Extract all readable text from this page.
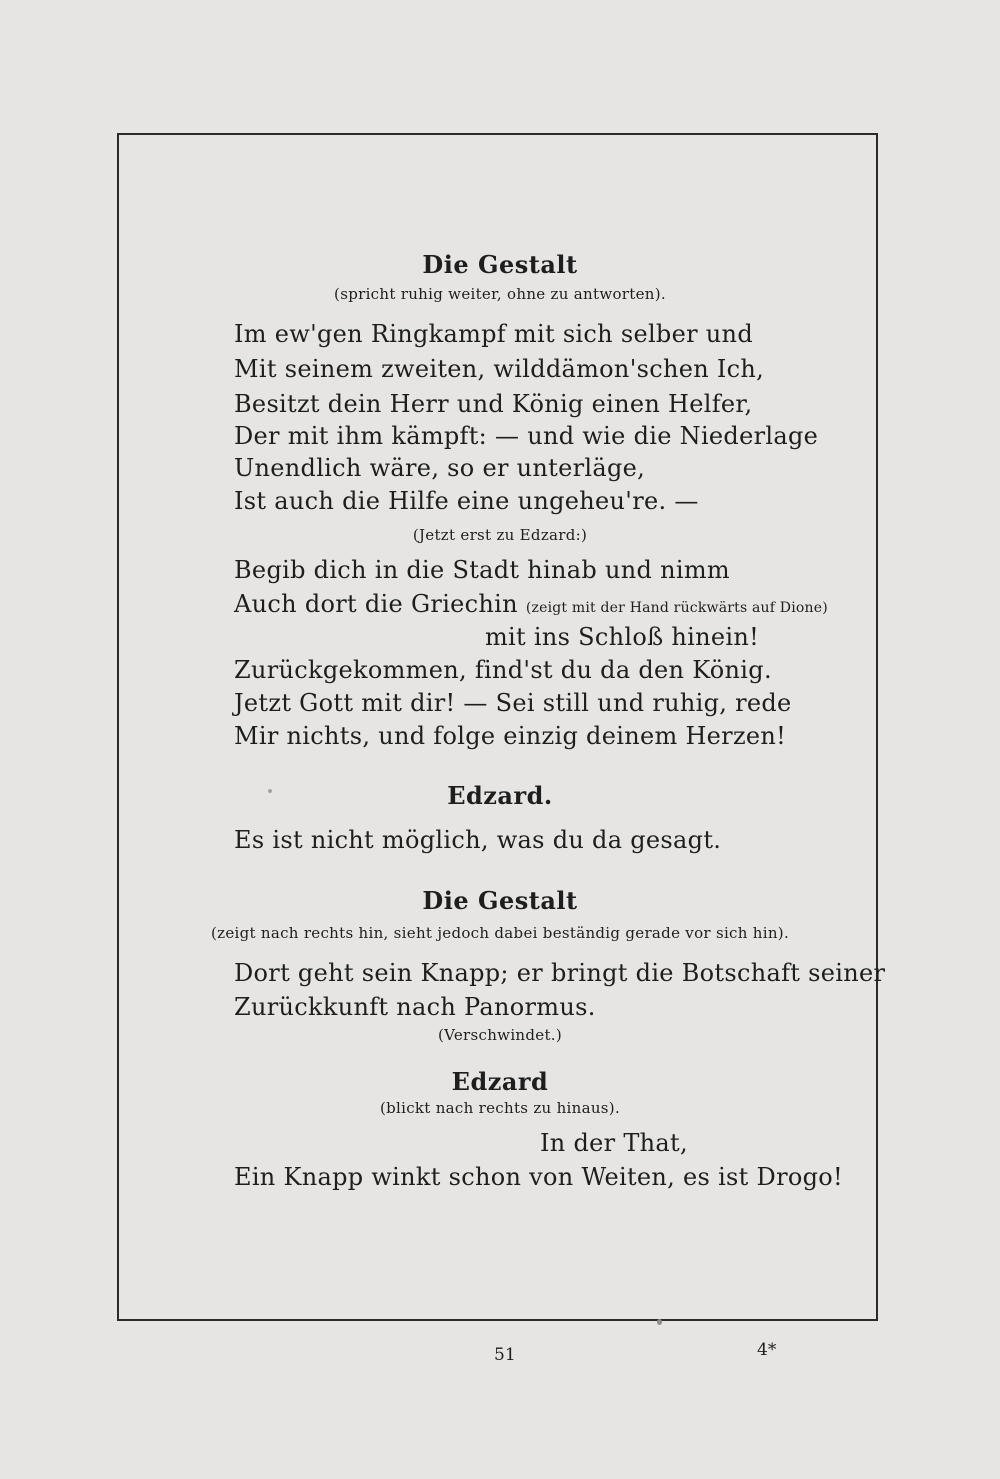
Die Gestalt
(spricht ruhig weiter, ohne zu antworten).
Im ew'gen Ringkampf mit sich selber und
Mit seinem zweiten, wilddämon'schen Ich,
Besitzt dein Herr und König einen Helfer,
Der mit ihm kämpft: — und wie die Niederlage
Unendlich wäre, so er unterläge,
Ist auch die Hilfe eine ungeheu're. —
(Jetzt erst zu Edzard:)
Begib dich in die Stadt hinab und nimm
Auch dort die Griechin (zeigt mit der Hand rückwärts auf Dione)
mit ins Schloß hinein!
Zurückgekommen, find'st du da den König.
Jetzt Gott mit dir! — Sei still und ruhig, rede
Mir nichts, und folge einzig deinem Herzen!
Edzard.
Es ist nicht möglich, was du da gesagt.
Die Gestalt
(zeigt nach rechts hin, sieht jedoch dabei beständig gerade vor sich hin).
Dort geht sein Knapp; er bringt die Botschaft seiner
Zurückkunft nach Panormus.
(Verschwindet.)
Edzard
(blickt nach rechts zu hinaus).
In der That,
Ein Knapp winkt schon von Weiten, es ist Drogo!
51	4*
